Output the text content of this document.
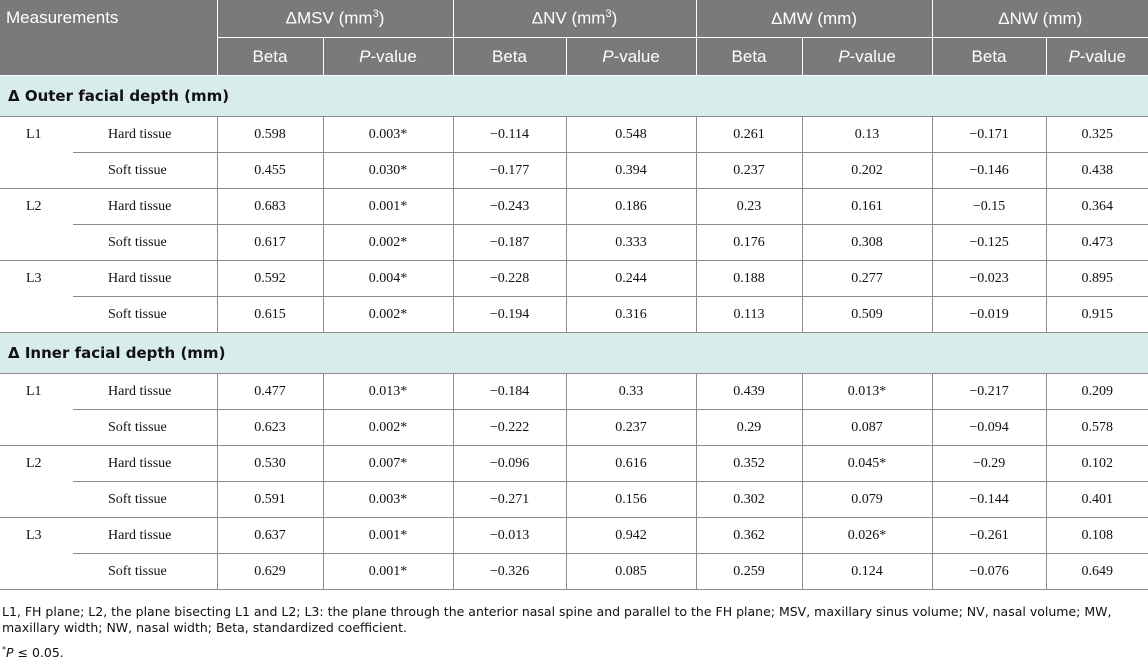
Measurements		ΔMSV $(mm^3)$		ΔNV $(mm^3)$		ΔMW (mm)		ΔNW (mm)	
		Beta	P-value	Beta	P-value	Beta	P-value	Beta	P-value
Δ Outer facial depth (mm)									
L1	Hard tissue	0.598	0.003*	−0.114	0.548	0.261	0.13	−0.171	0.325
	Soft tissue	0.455	0.030*	−0.177	0.394	0.237	0.202	−0.146	0.438
L2	Hard tissue	0.683	0.001*	−0.243	0.186	0.23	0.161	−0.15	0.364
	Soft tissue	0.617	0.002*	−0.187	0.333	0.176	0.308	−0.125	0.473
L3	Hard tissue	0.592	0.004*	−0.228	0.244	0.188	0.277	−0.023	0.895
	Soft tissue	0.615	0.002*	−0.194	0.316	0.113	0.509	−0.019	0.915
Δ Inner facial depth (mm)									
L1	Hard tissue	0.477	0.013*	−0.184	0.33	0.439	0.013*	−0.217	0.209
	Soft tissue	0.623	0.002*	−0.222	0.237	0.29	0.087	−0.094	0.578
L2	Hard tissue	0.530	0.007*	−0.096	0.616	0.352	0.045*	−0.29	0.102
	Soft tissue	0.591	0.003*	−0.271	0.156	0.302	0.079	−0.144	0.401
L3	Hard tissue	0.637	0.001*	−0.013	0.942	0.362	0.026*	−0.261	0.108
	Soft tissue	0.629	0.001*	−0.326	0.085	0.259	0.124	−0.076	0.649
L1, FH plane; L2, the plane bisecting L1 and L2; L3: the plane through the anterior nasal spine and parallel to the FH plane; MSV, maxillary sinus volume; NV, nasal volume; MW, maxillary width; NW, nasal width; Beta, standardized coefficient.
*P ≤ 0.05.
